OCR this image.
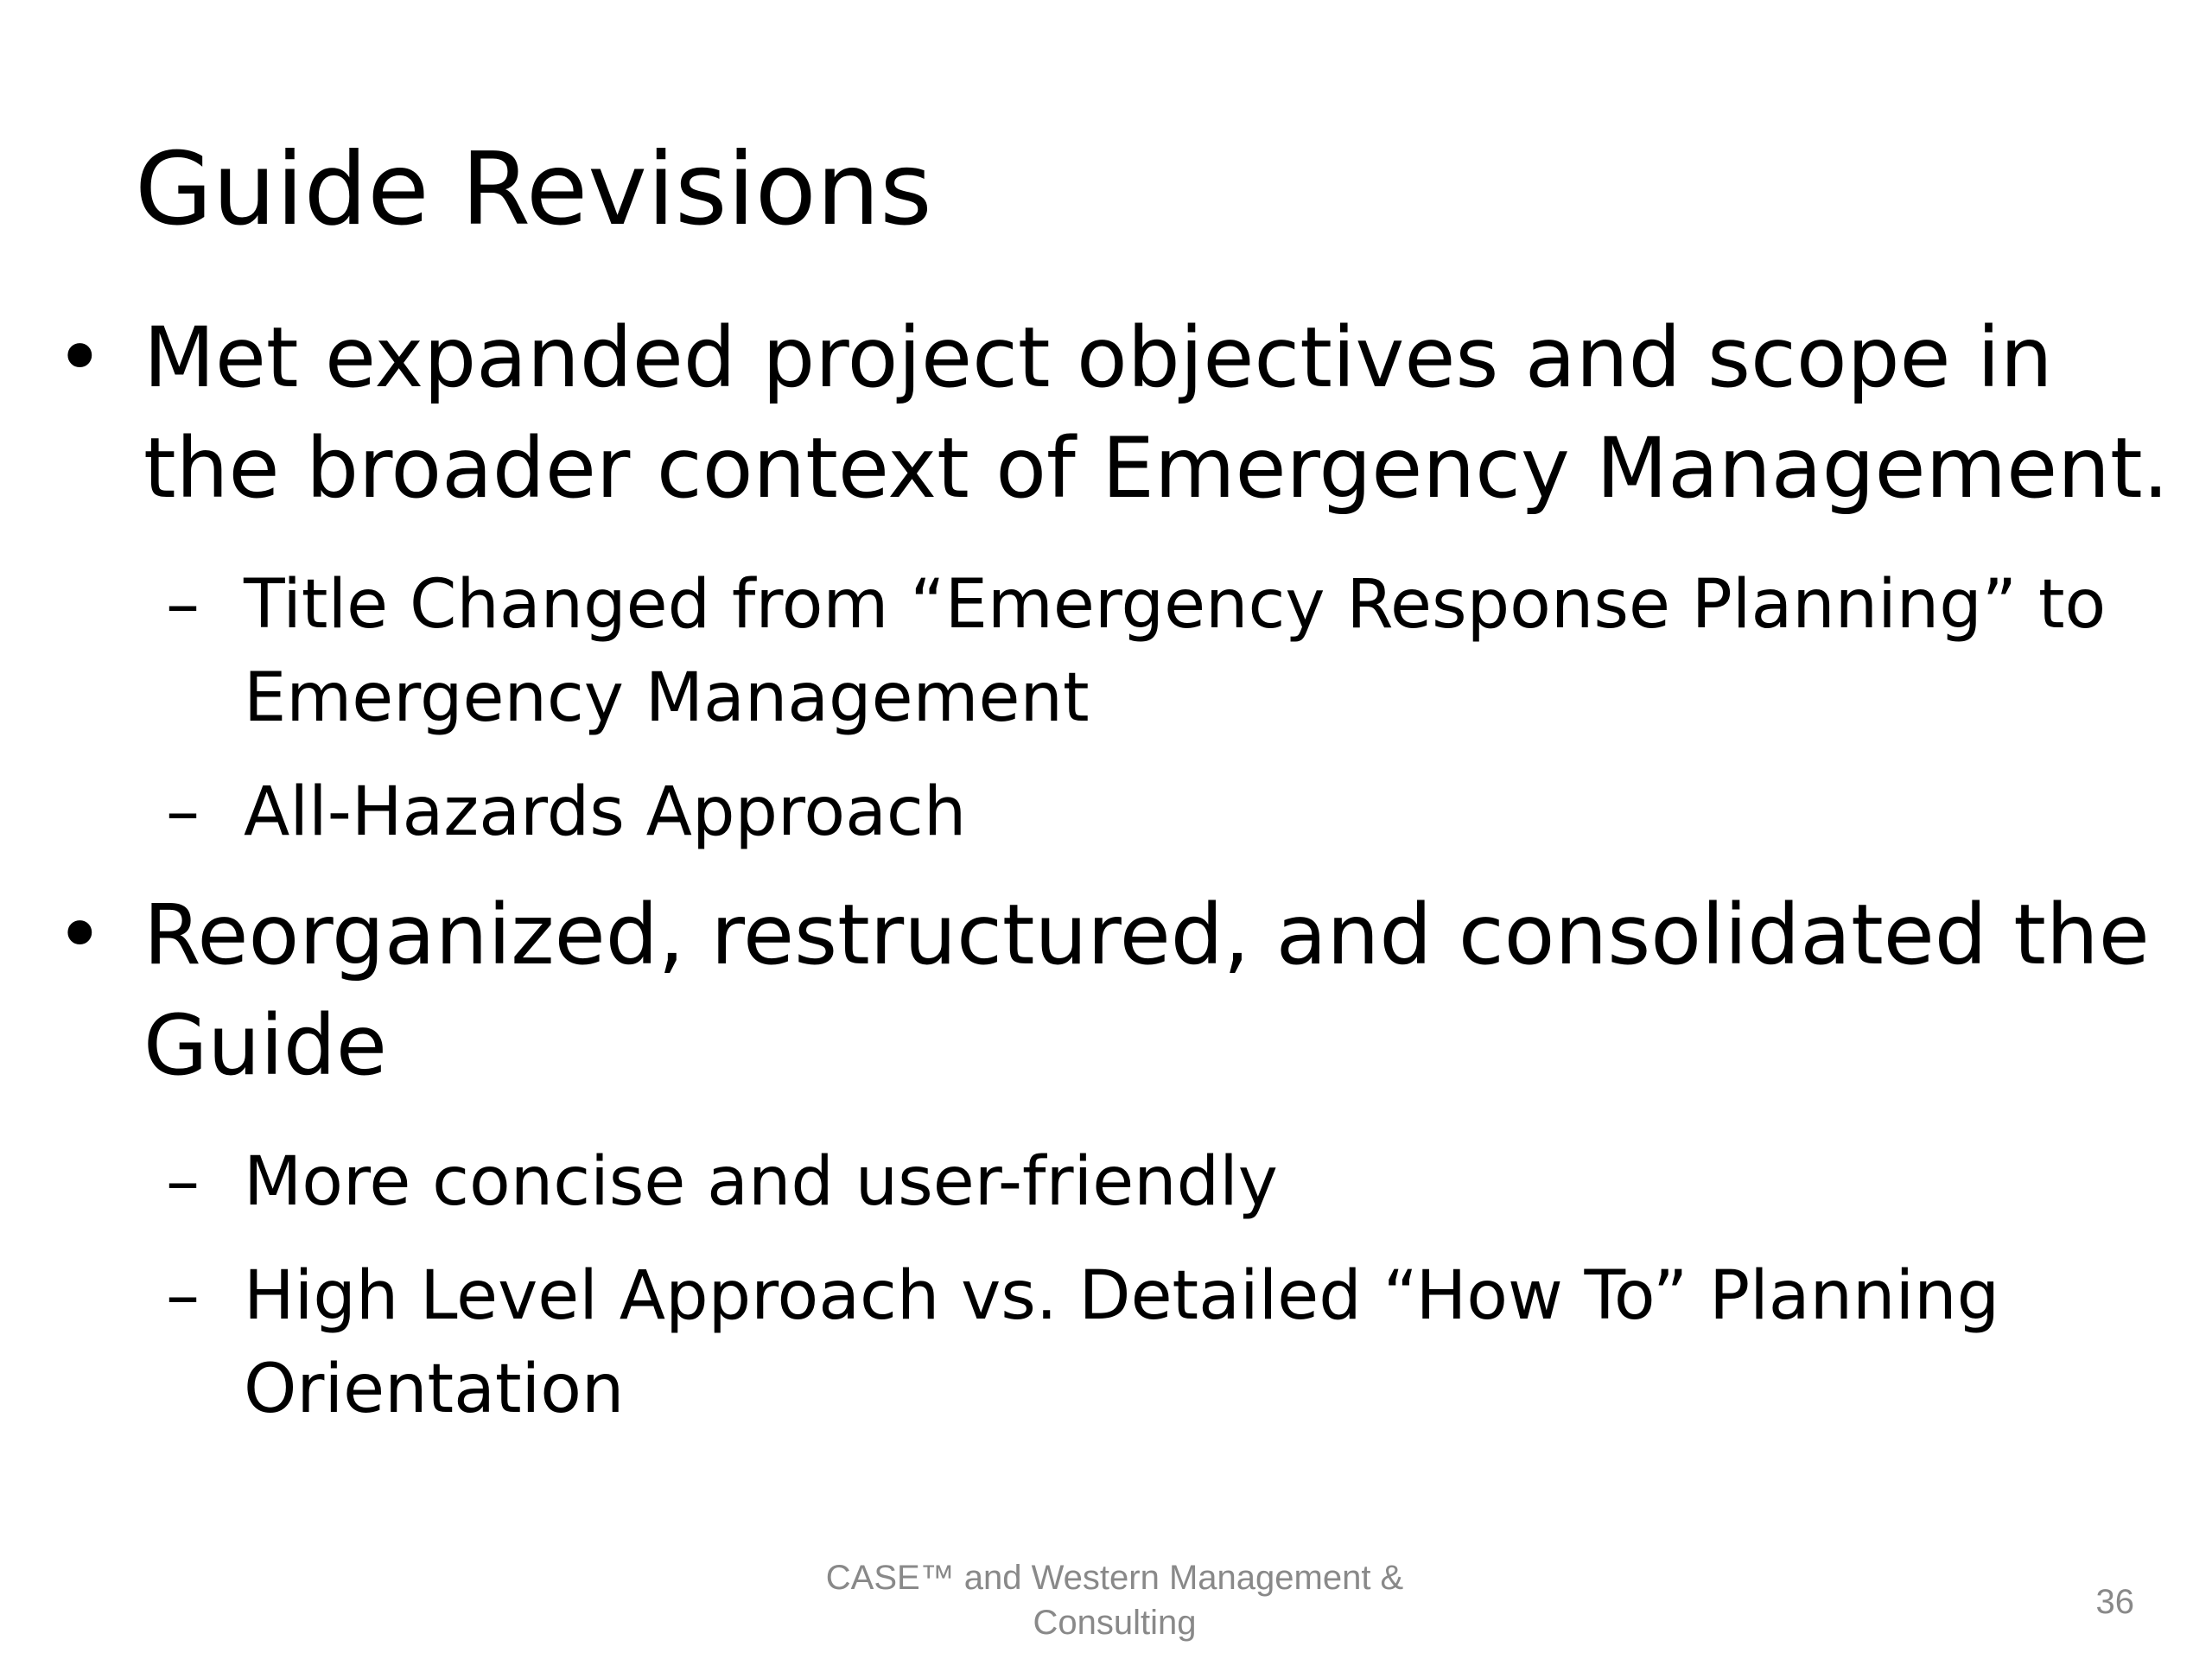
Guide Revisions
• Met expanded project objectives and scope in the broader context of Emergency Management.
– Title Changed from “Emergency Response Planning” to Emergency Management
– All-Hazards Approach
• Reorganized, restructured, and consolidated the Guide
– More concise and user-friendly
– High Level Approach vs. Detailed “How To” Planning Orientation
CASE™ and Western Management & Consulting
36
